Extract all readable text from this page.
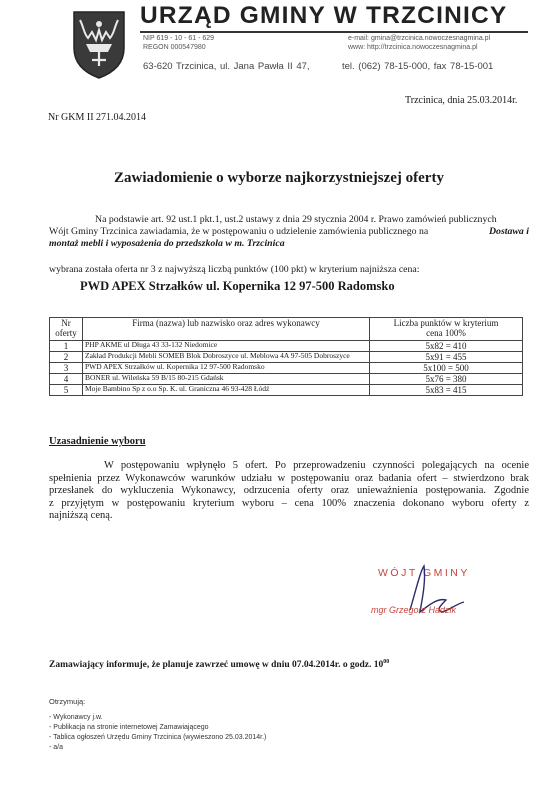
URZĄD GMINY W TRZCINICY
NIP 619 - 10 - 61 - 629
REGON 000547980
e-mail: gmina@trzcinica.nowoczesnagmina.pl
www: http://trzcinica.nowoczesnagmina.pl
63-620 Trzcinica, ul. Jana Pawła II 47,	tel. (062) 78-15-000, fax 78-15-001
Trzcinica, dnia 25.03.2014r.
Nr GKM II 271.04.2014
Zawiadomienie o wyborze najkorzystniejszej oferty
Na podstawie art. 92 ust.1 pkt.1, ust.2 ustawy z dnia 29 stycznia 2004 r. Prawo zamówień publicznych
Wójt Gminy Trzcinica zawiadamia, że w postępowaniu o udzielenie zamówienia publicznego na	Dostawa i
montaż mebli i wyposażenia do przedszkola w m. Trzcinica
wybrana została oferta nr 3 z najwyższą liczbą punktów (100 pkt) w kryterium najniższa cena:
PWD APEX Strzałków ul. Kopernika 12 97-500 Radomsko
Nr oferty	Firma (nazwa) lub nazwisko oraz adres wykonawcy	Liczba punktów w kryterium
cena 100%
1	PHP AKME ul Długa 43 33-132 Niedomice	5x82 = 410
2	Zakład Produkcji Mebli SOMEB Blok Dobroszyce ul. Meblowa 4A 97-505 Dobroszyce	5x91 = 455
3	PWD APEX Strzałków ul. Kopernika 12 97-500 Radomsko	5x100 = 500
4	BONER ul. Wileńska 59 B/15 80-215 Gdańsk	5x76 = 380
5	Moje Bambino Sp z o.o Sp. K. ul. Graniczna 46 93-428 Łódź	5x83 = 415
Uzasadnienie wyboru
W postępowaniu wpłynęło 5 ofert. Po przeprowadzeniu czynności polegających na ocenie
spełnienia przez Wykonawców warunków udziału w postępowaniu oraz badania ofert – stwierdzono brak
przesłanek do wykluczenia Wykonawcy, odrzucenia oferty oraz unieważnienia postępowania. Zgodnie
z przyjętym w postępowaniu kryterium wyboru – cena 100% znaczenia dokonano wyboru oferty z
najniższą ceną.
WÓJT GMINY
mgr Grzegorz Hadzik
Zamawiający informuje, że planuje zawrzeć umowę w dniu 07.04.2014r. o godz. $10^{00}$
Otrzymują:
- Wykonawcy j.w.
- Publikacja na stronie internetowej Zamawiającego
- Tablica ogłoszeń Urzędu Gminy Trzcinica (wywieszono 25.03.2014r.)
- a/a
